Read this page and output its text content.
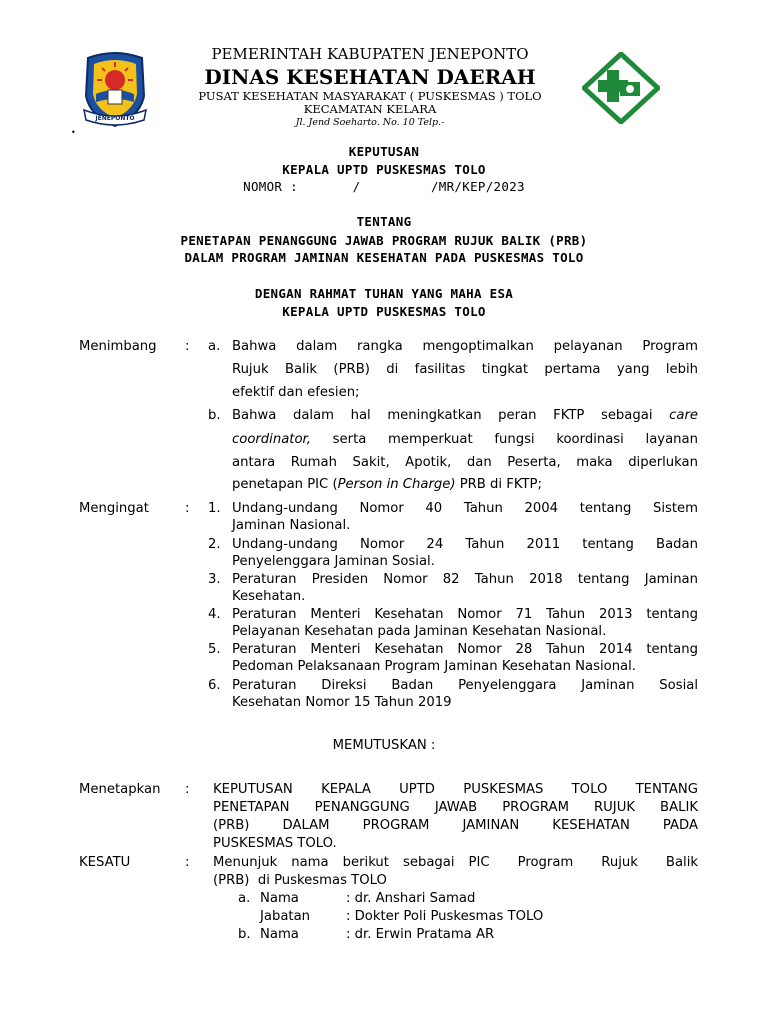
JENEPONTO
PEMERINTAH KABUPATEN JENEPONTO
DINAS KESEHATAN DAERAH
PUSAT KESEHATAN MASYARAKAT ( PUSKESMAS ) TOLO
KECAMATAN KELARA
Jl. Jend Soeharto. No. 10 Telp.-
•
KEPUTUSAN
KEPALA UPTD PUSKESMAS TOLO
NOMOR :       /         /MR/KEP/2023
TENTANG
PENETAPAN PENANGGUNG JAWAB PROGRAM RUJUK BALIK (PRB)
DALAM PROGRAM JAMINAN KESEHATAN PADA PUSKESMAS TOLO
DENGAN RAHMAT TUHAN YANG MAHA ESA
KEPALA UPTD PUSKESMAS TOLO
Menimbang : a. Bahwa dalam rangka mengoptimalkan pelayanan Program
Rujuk Balik (PRB) di fasilitas tingkat pertama yang lebih
efektif dan efesien;
b. Bahwa dalam hal meningkatkan peran FKTP sebagai care
coordinator, serta memperkuat fungsi koordinasi layanan
antara Rumah Sakit, Apotik, dan Peserta, maka diperlukan
penetapan PIC (Person in Charge) PRB di FKTP;
Mengingat	: 1. Undang-undang Nomor 40 Tahun 2004 tentang Sistem
Jaminan Nasional.
2. Undang-undang Nomor 24 Tahun 2011 tentang Badan
Penyelenggara Jaminan Sosial.
3. Peraturan Presiden Nomor 82 Tahun 2018 tentang Jaminan
Kesehatan.
4. Peraturan Menteri Kesehatan Nomor 71 Tahun 2013 tentang
Pelayanan Kesehatan pada Jaminan Kesehatan Nasional.
5. Peraturan Menteri Kesehatan Nomor 28 Tahun 2014 tentang
Pedoman Pelaksanaan Program Jaminan Kesehatan Nasional.
6. Peraturan Direksi Badan Penyelenggara Jaminan Sosial
Kesehatan Nomor 15 Tahun 2019
MEMUTUSKAN :
Menetapkan : KEPUTUSAN KEPALA UPTD PUSKESMAS TOLO TENTANG
PENETAPAN PENANGGUNG JAWAB PROGRAM RUJUK BALIK
(PRB) DALAM PROGRAM JAMINAN KESEHATAN PADA
PUSKESMAS TOLO.
KESATU	: Menunjuk nama berikut sebagai PIC  Program  Rujuk  Balik
(PRB)  di Puskesmas TOLO
a. Nama	: dr. Anshari Samad
Jabatan	: Dokter Poli Puskesmas TOLO
b. Nama	: dr. Erwin Pratama AR
